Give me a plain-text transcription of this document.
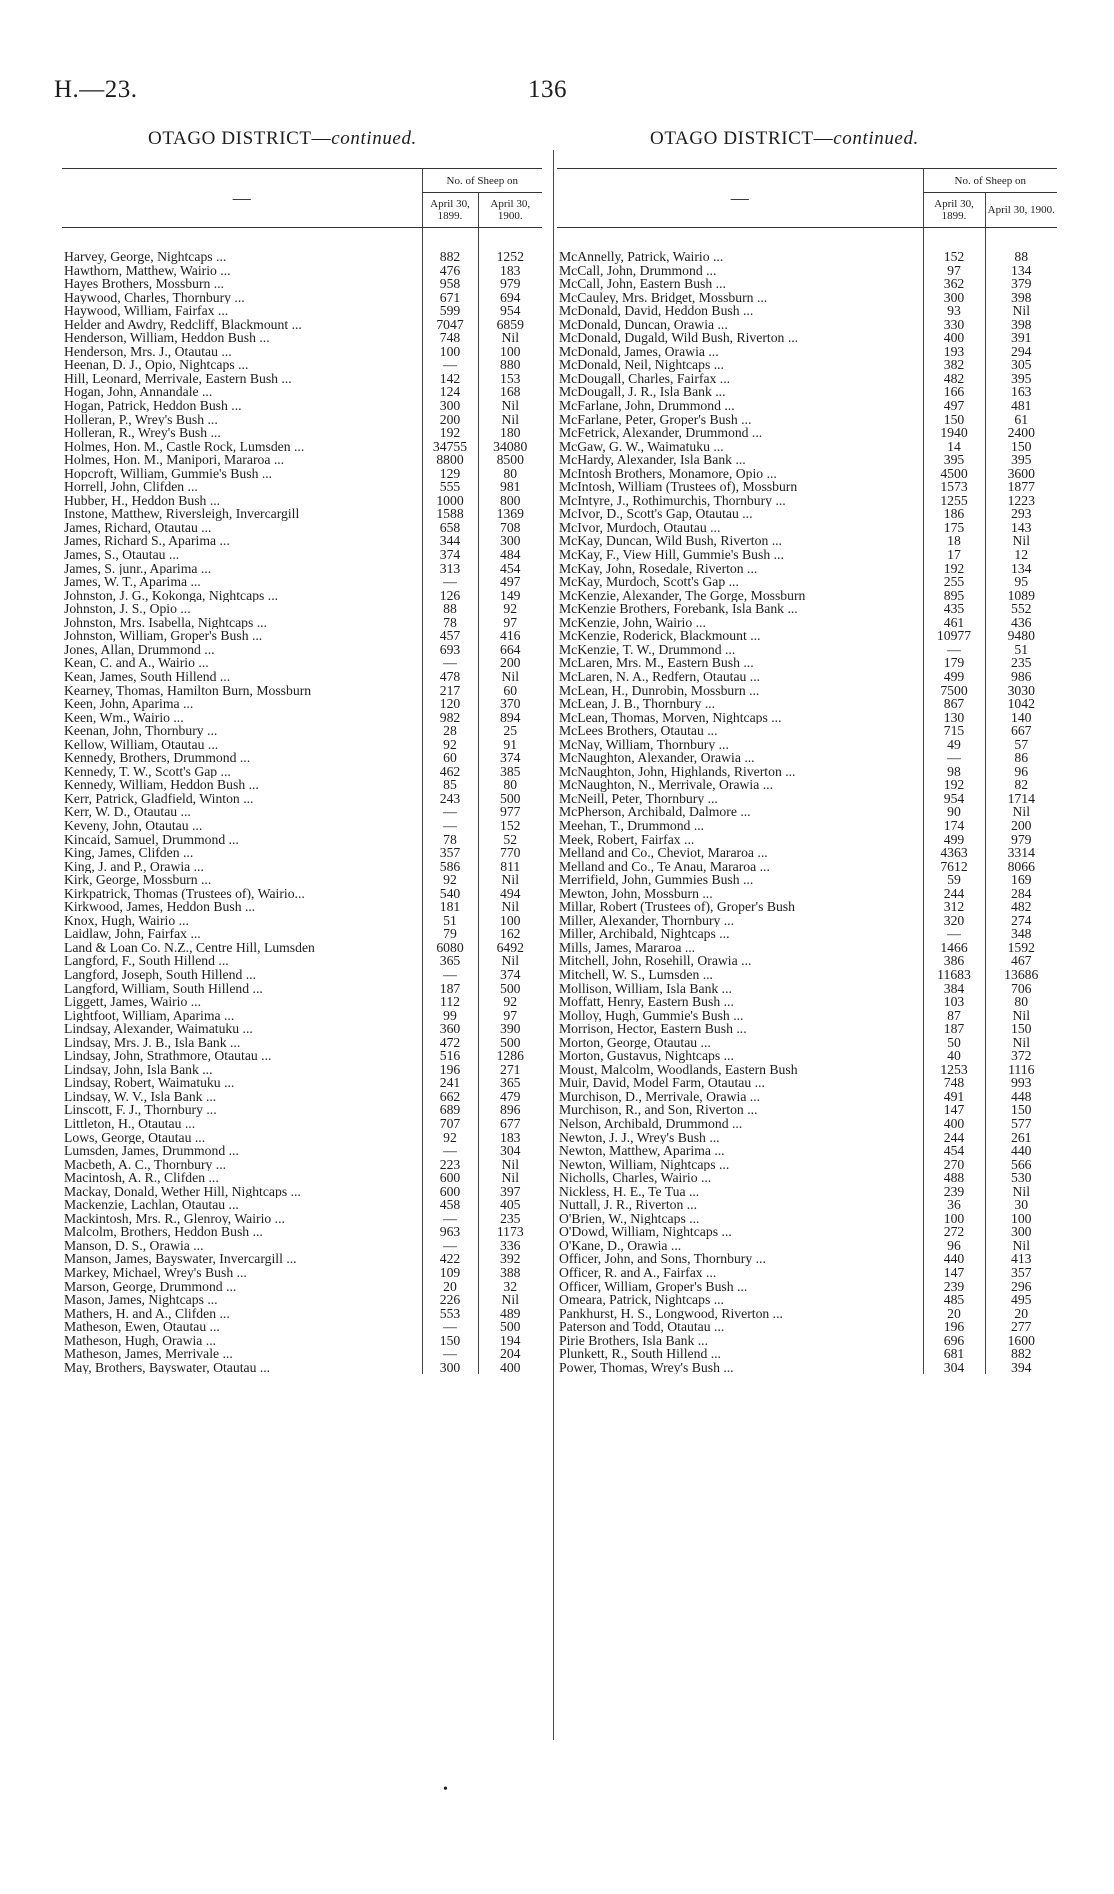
H.—23.	136
OTAGO DISTRICT—continued.	OTAGO DISTRICT—continued.
—	No. of Sheep on	
	April 30, 1899.	April 30, 1900.

Harvey, George, Nightcaps ...	882	1252
Hawthorn, Matthew, Wairio ...	476	183
Hayes Brothers, Mossburn ...	958	979
Haywood, Charles, Thornbury ...	671	694
Haywood, William, Fairfax ...	599	954
Helder and Awdry, Redcliff, Blackmount ...	7047	6859
Henderson, William, Heddon Bush ...	748	Nil
Henderson, Mrs. J., Otautau ...	100	100
Heenan, D. J., Opio, Nightcaps ...	—	880
Hill, Leonard, Merrivale, Eastern Bush ...	142	153
Hogan, John, Annandale ...	124	168
Hogan, Patrick, Heddon Bush ...	300	Nil
Holleran, P., Wrey's Bush ...	200	Nil
Holleran, R., Wrey's Bush ...	192	180
Holmes, Hon. M., Castle Rock, Lumsden ...	34755	34080
Holmes, Hon. M., Manipori, Mararoa ...	8800	8500
Hopcroft, William, Gummie's Bush ...	129	80
Horrell, John, Clifden ...	555	981
Hubber, H., Heddon Bush ...	1000	800
Instone, Matthew, Riversleigh, Invercargill	1588	1369
James, Richard, Otautau ...	658	708
James, Richard S., Aparima ...	344	300
James, S., Otautau ...	374	484
James, S. junr., Aparima ...	313	454
James, W. T., Aparima ...	—	497
Johnston, J. G., Kokonga, Nightcaps ...	126	149
Johnston, J. S., Opio ...	88	92
Johnston, Mrs. Isabella, Nightcaps ...	78	97
Johnston, William, Groper's Bush ...	457	416
Jones, Allan, Drummond ...	693	664
Kean, C. and A., Wairio ...	—	200
Kean, James, South Hillend ...	478	Nil
Kearney, Thomas, Hamilton Burn, Mossburn	217	60
Keen, John, Aparima ...	120	370
Keen, Wm., Wairio ...	982	894
Keenan, John, Thornbury ...	28	25
Kellow, William, Otautau ...	92	91
Kennedy, Brothers, Drummond ...	60	374
Kennedy, T. W., Scott's Gap ...	462	385
Kennedy, William, Heddon Bush ...	85	80
Kerr, Patrick, Gladfield, Winton ...	243	500
Kerr, W. D., Otautau ...	—	977
Keveny, John, Otautau ...	—	152
Kincaid, Samuel, Drummond ...	78	52
King, James, Clifden ...	357	770
King, J. and P., Orawia ...	586	811
Kirk, George, Mossburn ...	92	Nil
Kirkpatrick, Thomas (Trustees of), Wairio...	540	494
Kirkwood, James, Heddon Bush ...	181	Nil
Knox, Hugh, Wairio ...	51	100
Laidlaw, John, Fairfax ...	79	162
Land & Loan Co. N.Z., Centre Hill, Lumsden	6080	6492
Langford, F., South Hillend ...	365	Nil
Langford, Joseph, South Hillend ...	—	374
Langford, William, South Hillend ...	187	500
Liggett, James, Wairio ...	112	92
Lightfoot, William, Aparima ...	99	97
Lindsay, Alexander, Waimatuku ...	360	390
Lindsay, Mrs. J. B., Isla Bank ...	472	500
Lindsay, John, Strathmore, Otautau ...	516	1286
Lindsay, John, Isla Bank ...	196	271
Lindsay, Robert, Waimatuku ...	241	365
Lindsay, W. V., Isla Bank ...	662	479
Linscott, F. J., Thornbury ...	689	896
Littleton, H., Otautau ...	707	677
Lows, George, Otautau ...	92	183
Lumsden, James, Drummond ...	—	304
Macbeth, A. C., Thornbury ...	223	Nil
Macintosh, A. R., Clifden ...	600	Nil
Mackay, Donald, Wether Hill, Nightcaps ...	600	397
Mackenzie, Lachlan, Otautau ...	458	405
Mackintosh, Mrs. R., Glenroy, Wairio ...	—	235
Malcolm, Brothers, Heddon Bush ...	963	1173
Manson, D. S., Orawia ...	—	336
Manson, James, Bayswater, Invercargill ...	422	392
Markey, Michael, Wrey's Bush ...	109	388
Marson, George, Drummond ...	20	32
Mason, James, Nightcaps ...	226	Nil
Mathers, H. and A., Clifden ...	553	489
Matheson, Ewen, Otautau ...	—	500
Matheson, Hugh, Orawia ...	150	194
Matheson, James, Merrivale ...	—	204
May, Brothers, Bayswater, Otautau ...	300	400
—	No. of Sheep on	
	April 30, 1899.	April 30, 1900.

McAnnelly, Patrick, Wairio ...	152	88
McCall, John, Drummond ...	97	134
McCall, John, Eastern Bush ...	362	379
McCauley, Mrs. Bridget, Mossburn ...	300	398
McDonald, David, Heddon Bush ...	93	Nil
McDonald, Duncan, Orawia ...	330	398
McDonald, Dugald, Wild Bush, Riverton ...	400	391
McDonald, James, Orawia ...	193	294
McDonald, Neil, Nightcaps ...	382	305
McDougall, Charles, Fairfax ...	482	395
McDougall, J. R., Isla Bank ...	166	163
McFarlane, John, Drummond ...	497	481
McFarlane, Peter, Groper's Bush ...	150	61
McFetrick, Alexander, Drummond ...	1940	2400
McGaw, G. W., Waimatuku ...	14	150
McHardy, Alexander, Isla Bank ...	395	395
McIntosh Brothers, Monamore, Opio ...	4500	3600
McIntosh, William (Trustees of), Mossburn	1573	1877
McIntyre, J., Rothimurchis, Thornbury ...	1255	1223
McIvor, D., Scott's Gap, Otautau ...	186	293
McIvor, Murdoch, Otautau ...	175	143
McKay, Duncan, Wild Bush, Riverton ...	18	Nil
McKay, F., View Hill, Gummie's Bush ...	17	12
McKay, John, Rosedale, Riverton ...	192	134
McKay, Murdoch, Scott's Gap ...	255	95
McKenzie, Alexander, The Gorge, Mossburn	895	1089
McKenzie Brothers, Forebank, Isla Bank ...	435	552
McKenzie, John, Wairio ...	461	436
McKenzie, Roderick, Blackmount ...	10977	9480
McKenzie, T. W., Drummond ...	—	51
McLaren, Mrs. M., Eastern Bush ...	179	235
McLaren, N. A., Redfern, Otautau ...	499	986
McLean, H., Dunrobin, Mossburn ...	7500	3030
McLean, J. B., Thornbury ...	867	1042
McLean, Thomas, Morven, Nightcaps ...	130	140
McLees Brothers, Otautau ...	715	667
McNay, William, Thornbury ...	49	57
McNaughton, Alexander, Orawia ...	—	86
McNaughton, John, Highlands, Riverton ...	98	96
McNaughton, N., Merrivale, Orawia ...	192	82
McNeill, Peter, Thornbury ...	954	1714
McPherson, Archibald, Dalmore ...	90	Nil
Meehan, T., Drummond ...	174	200
Meek, Robert, Fairfax ...	499	979
Melland and Co., Cheviot, Mararoa ...	4363	3314
Melland and Co., Te Anau, Mararoa ...	7612	8066
Merrifield, John, Gummies Bush ...	59	169
Mewton, John, Mossburn ...	244	284
Millar, Robert (Trustees of), Groper's Bush	312	482
Miller, Alexander, Thornbury ...	320	274
Miller, Archibald, Nightcaps ...	—	348
Mills, James, Mararoa ...	1466	1592
Mitchell, John, Rosehill, Orawia ...	386	467
Mitchell, W. S., Lumsden ...	11683	13686
Mollison, William, Isla Bank ...	384	706
Moffatt, Henry, Eastern Bush ...	103	80
Molloy, Hugh, Gummie's Bush ...	87	Nil
Morrison, Hector, Eastern Bush ...	187	150
Morton, George, Otautau ...	50	Nil
Morton, Gustavus, Nightcaps ...	40	372
Moust, Malcolm, Woodlands, Eastern Bush	1253	1116
Muir, David, Model Farm, Otautau ...	748	993
Murchison, D., Merrivale, Orawia ...	491	448
Murchison, R., and Son, Riverton ...	147	150
Nelson, Archibald, Drummond ...	400	577
Newton, J. J., Wrey's Bush ...	244	261
Newton, Matthew, Aparima ...	454	440
Newton, William, Nightcaps ...	270	566
Nicholls, Charles, Wairio ...	488	530
Nickless, H. E., Te Tua ...	239	Nil
Nuttall, J. R., Riverton ...	36	30
O'Brien, W., Nightcaps ...	100	100
O'Dowd, William, Nightcaps ...	272	300
O'Kane, D., Orawia ...	96	Nil
Officer, John, and Sons, Thornbury ...	440	413
Officer, R. and A., Fairfax ...	147	357
Officer, William, Groper's Bush ...	239	296
Omeara, Patrick, Nightcaps ...	485	495
Pankhurst, H. S., Longwood, Riverton ...	20	20
Paterson and Todd, Otautau ...	196	277
Pirie Brothers, Isla Bank ...	696	1600
Plunkett, R., South Hillend ...	681	882
Power, Thomas, Wrey's Bush ...	304	394
•
